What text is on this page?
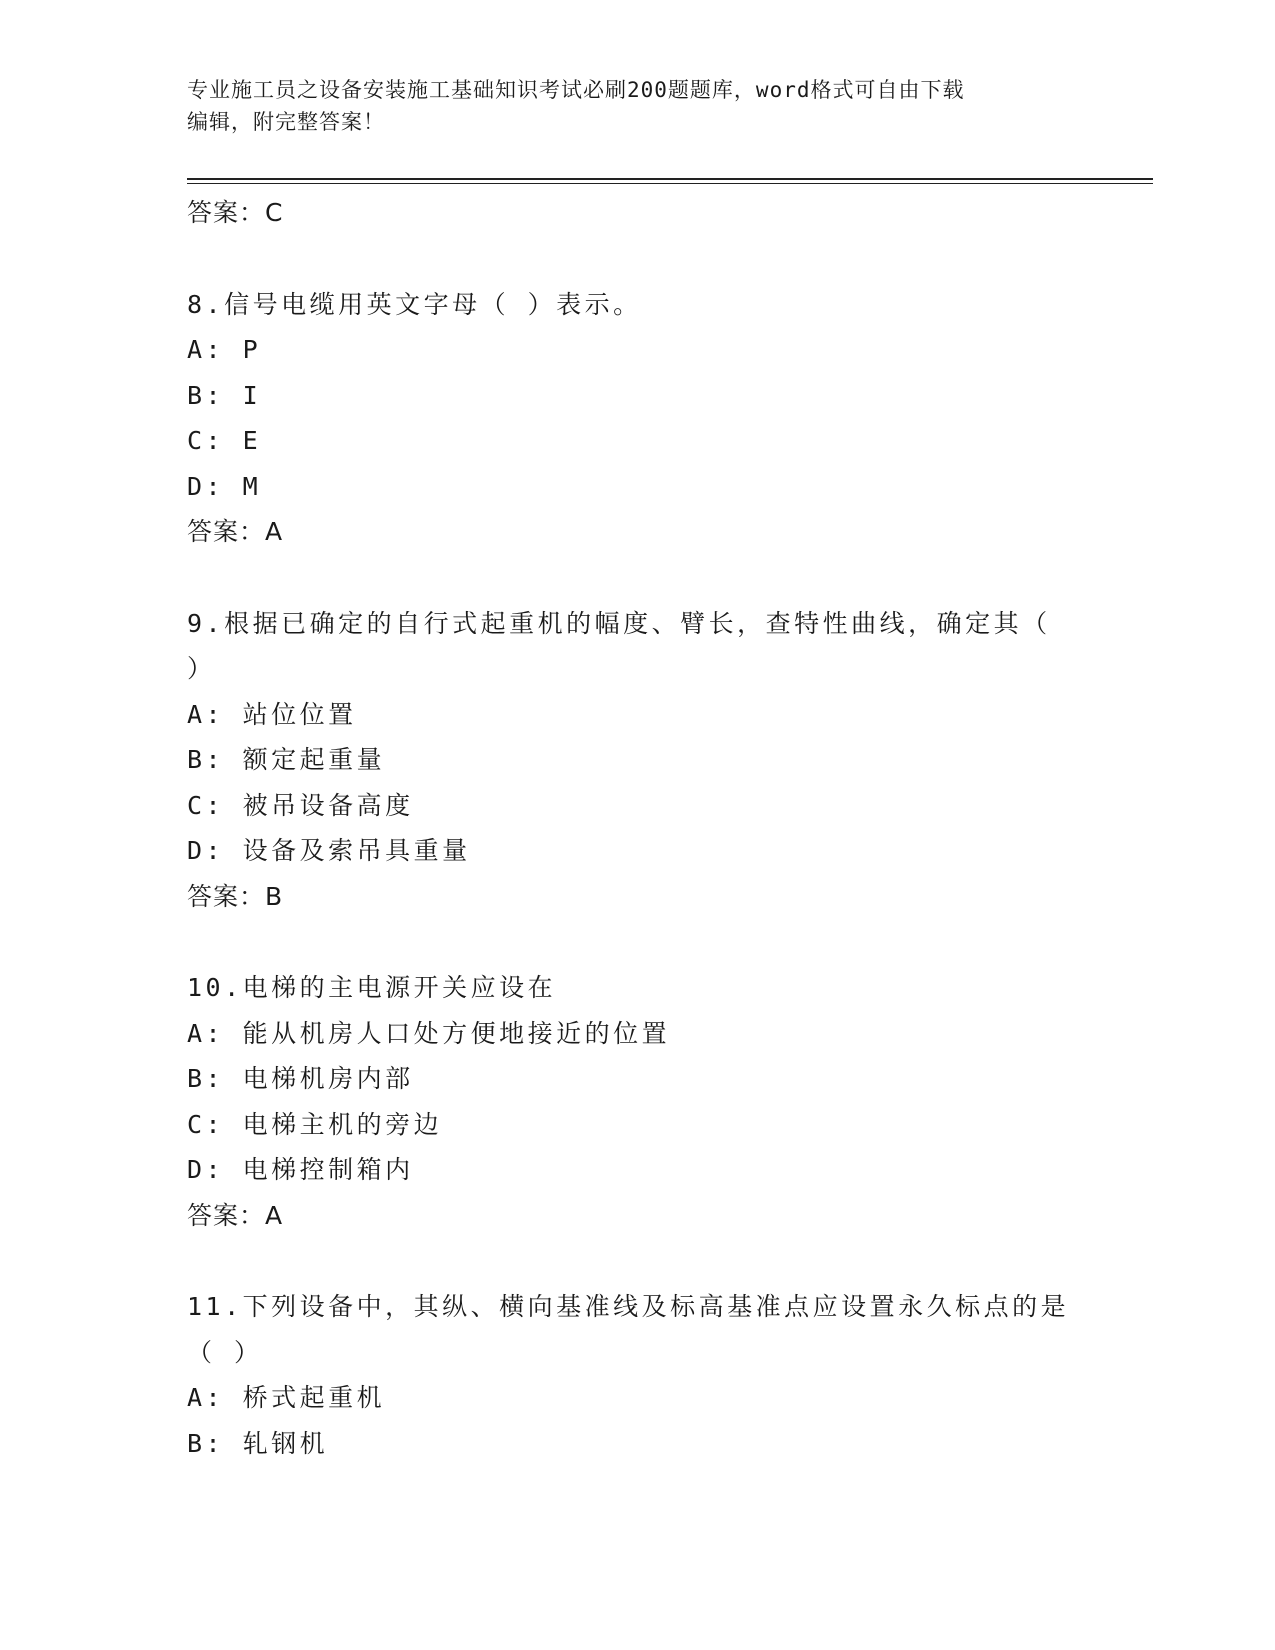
专业施工员之设备安装施工基础知识考试必刷200题题库，word格式可自由下载
编辑，附完整答案！
答案：C
8.信号电缆用英文字母（ ）表示。
A: P
B: I
C: E
D: M
答案：A
9.根据已确定的自行式起重机的幅度、臂长，查特性曲线，确定其（
）
A: 站位位置
B: 额定起重量
C: 被吊设备高度
D: 设备及索吊具重量
答案：B
10.电梯的主电源开关应设在
A: 能从机房人口处方便地接近的位置
B: 电梯机房内部
C: 电梯主机的旁边
D: 电梯控制箱内
答案：A
11.下列设备中，其纵、横向基准线及标高基准点应设置永久标点的是
（ ）
A: 桥式起重机
B: 轧钢机
